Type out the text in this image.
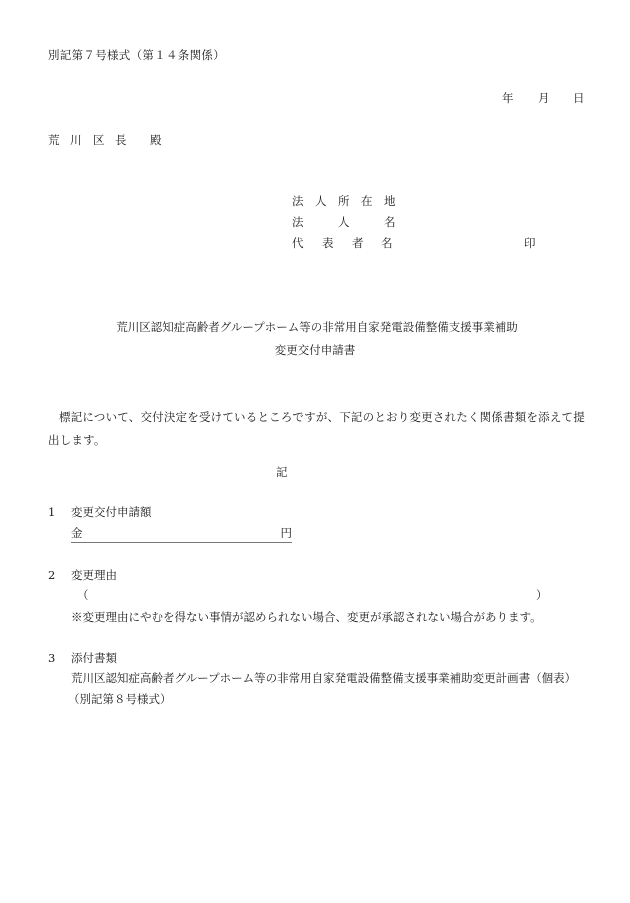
別記第７号様式（第１４条関係）
年 月 日
荒 川 区 長 殿
法 人 所 在 地
法	人	名
代 表 者 名	印
荒川区認知症高齢者グループホーム等の非常用自家発電設備整備支援事業補助
変更交付申請書
標記について、交付決定を受けているところですが、下記のとおり変更されたく関係書類を添えて提出します。
記
1 変更交付申請額
金	円
2 変更理由
（	）
※変更理由にやむを得ない事情が認められない場合、変更が承認されない場合があります。
3 添付書類
荒川区認知症高齢者グループホーム等の非常用自家発電設備整備支援事業補助変更計画書（個表）
（別記第８号様式）
